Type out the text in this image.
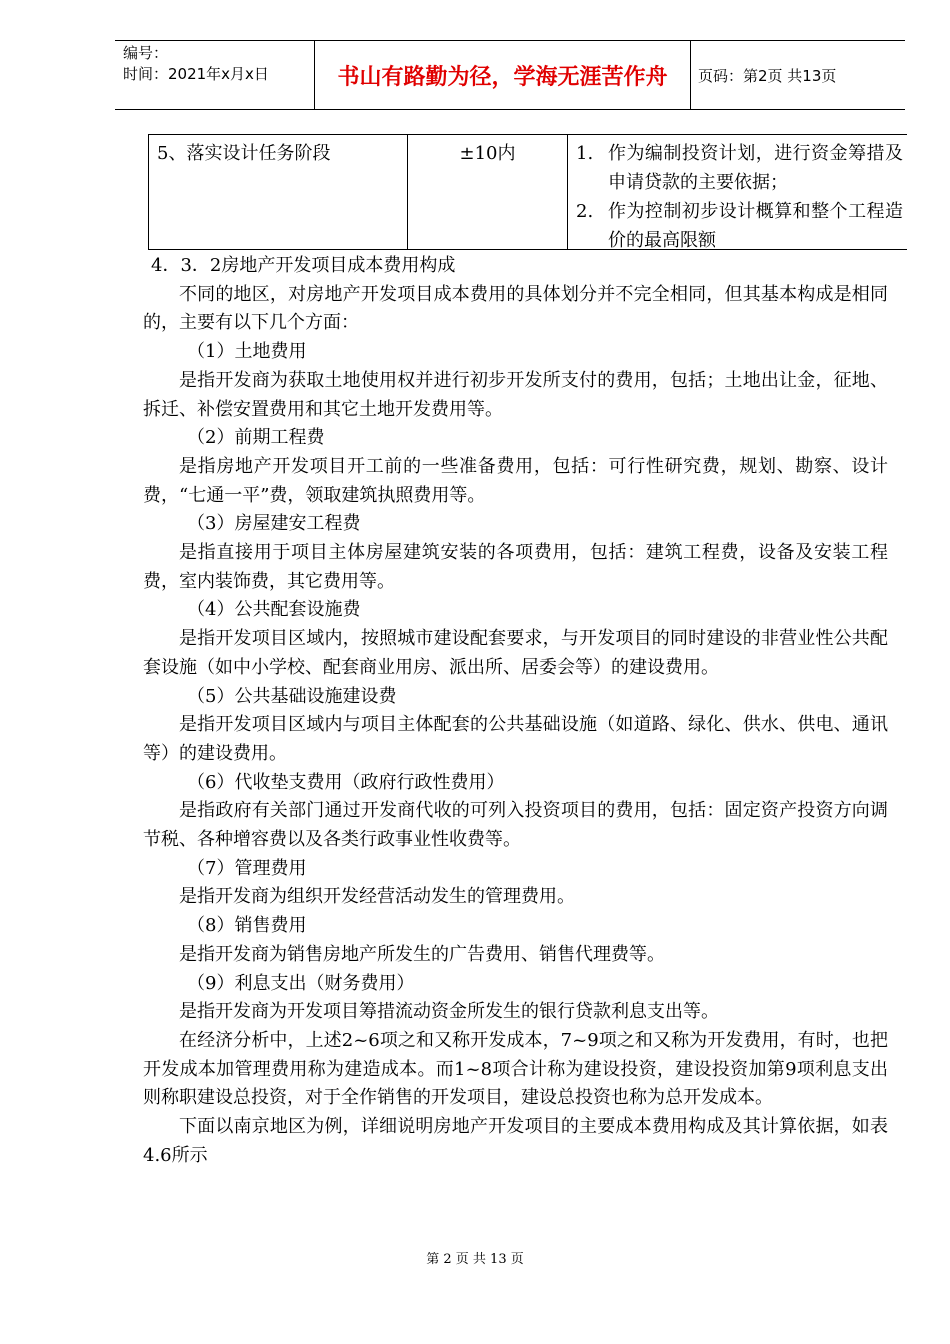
编号：
时间：2021年x月x日	书山有路勤为径，学海无涯苦作舟	页码：第2页 共13页
5、落实设计任务阶段	±10内	1. 作为编制投资计划，进行资金筹措及申请贷款的主要依据；
2. 作为控制初步设计概算和整个工程造价的最高限额

4．3．2房地产开发项目成本费用构成

不同的地区，对房地产开发项目成本费用的具体划分并不完全相同，但其基本构成是相同的，主要有以下几个方面：

（1）土地费用

是指开发商为获取土地使用权并进行初步开发所支付的费用，包括；土地出让金，征地、拆迁、补偿安置费用和其它土地开发费用等。

（2）前期工程费

是指房地产开发项目开工前的一些准备费用，包括：可行性研究费，规划、勘察、设计费，“七通一平”费，领取建筑执照费用等。

（3）房屋建安工程费

是指直接用于项目主体房屋建筑安装的各项费用，包括：建筑工程费，设备及安装工程费，室内装饰费，其它费用等。

（4）公共配套设施费

是指开发项目区域内，按照城市建设配套要求，与开发项目的同时建设的非营业性公共配套设施（如中小学校、配套商业用房、派出所、居委会等）的建设费用。

（5）公共基础设施建设费

是指开发项目区域内与项目主体配套的公共基础设施（如道路、绿化、供水、供电、通讯等）的建设费用。

（6）代收垫支费用（政府行政性费用）

是指政府有关部门通过开发商代收的可列入投资项目的费用，包括：固定资产投资方向调节税、各种增容费以及各类行政事业性收费等。

（7）管理费用

是指开发商为组织开发经营活动发生的管理费用。

（8）销售费用

是指开发商为销售房地产所发生的广告费用、销售代理费等。

（9）利息支出（财务费用）

是指开发商为开发项目筹措流动资金所发生的银行贷款利息支出等。

在经济分析中，上述2~6项之和又称开发成本，7~9项之和又称为开发费用，有时，也把开发成本加管理费用称为建造成本。而1~8项合计称为建设投资，建设投资加第9项利息支出则称职建设总投资，对于全作销售的开发项目，建设总投资也称为总开发成本。

下面以南京地区为例，详细说明房地产开发项目的主要成本费用构成及其计算依据，如表4.6所示

第 2 页 共 13 页
